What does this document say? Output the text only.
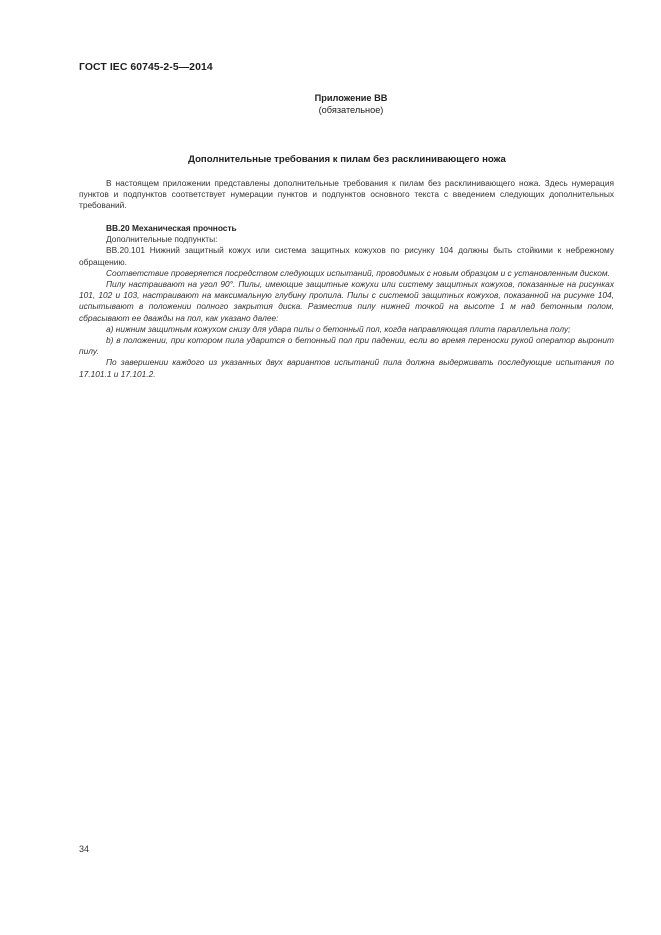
ГОСТ IEC 60745-2-5—2014
Приложение ВВ
(обязательное)
Дополнительные требования к пилам без расклинивающего ножа

В настоящем приложении представлены дополнительные требования к пилам без расклинивающего ножа. Здесь нумерация пунктов и подпунктов соответствует нумерации пунктов и подпунктов основного текста с введением следующих дополнительных требований.

ВВ.20 Механическая прочность

Дополнительные подпункты:

ВВ.20.101 Нижний защитный кожух или система защитных кожухов по рисунку 104 должны быть стойкими к небрежному обращению.

Соответствие проверяется посредством следующих испытаний, проводимых с новым образцом и с установленным диском.

Пилу настраивают на угол 90°. Пилы, имеющие защитные кожухи или систему защитных кожухов, показанные на рисунках 101, 102 и 103, настраивают на максимальную глубину пропила. Пилы с системой защитных кожухов, показанной на рисунке 104, испытывают в положении полного закрытия диска. Разместив пилу нижней точкой на высоте 1 м над бетонным полом, сбрасывают ее дважды на пол, как указано далее:

а) нижним защитным кожухом снизу для удара пилы о бетонный пол, когда направляющая плита параллельна полу;

b) в положении, при котором пила ударится о бетонный пол при падении, если во время переноски рукой оператор выронит пилу.

По завершении каждого из указанных двух вариантов испытаний пила должна выдерживать последующие испытания по 17.101.1 и 17.101.2.

34
